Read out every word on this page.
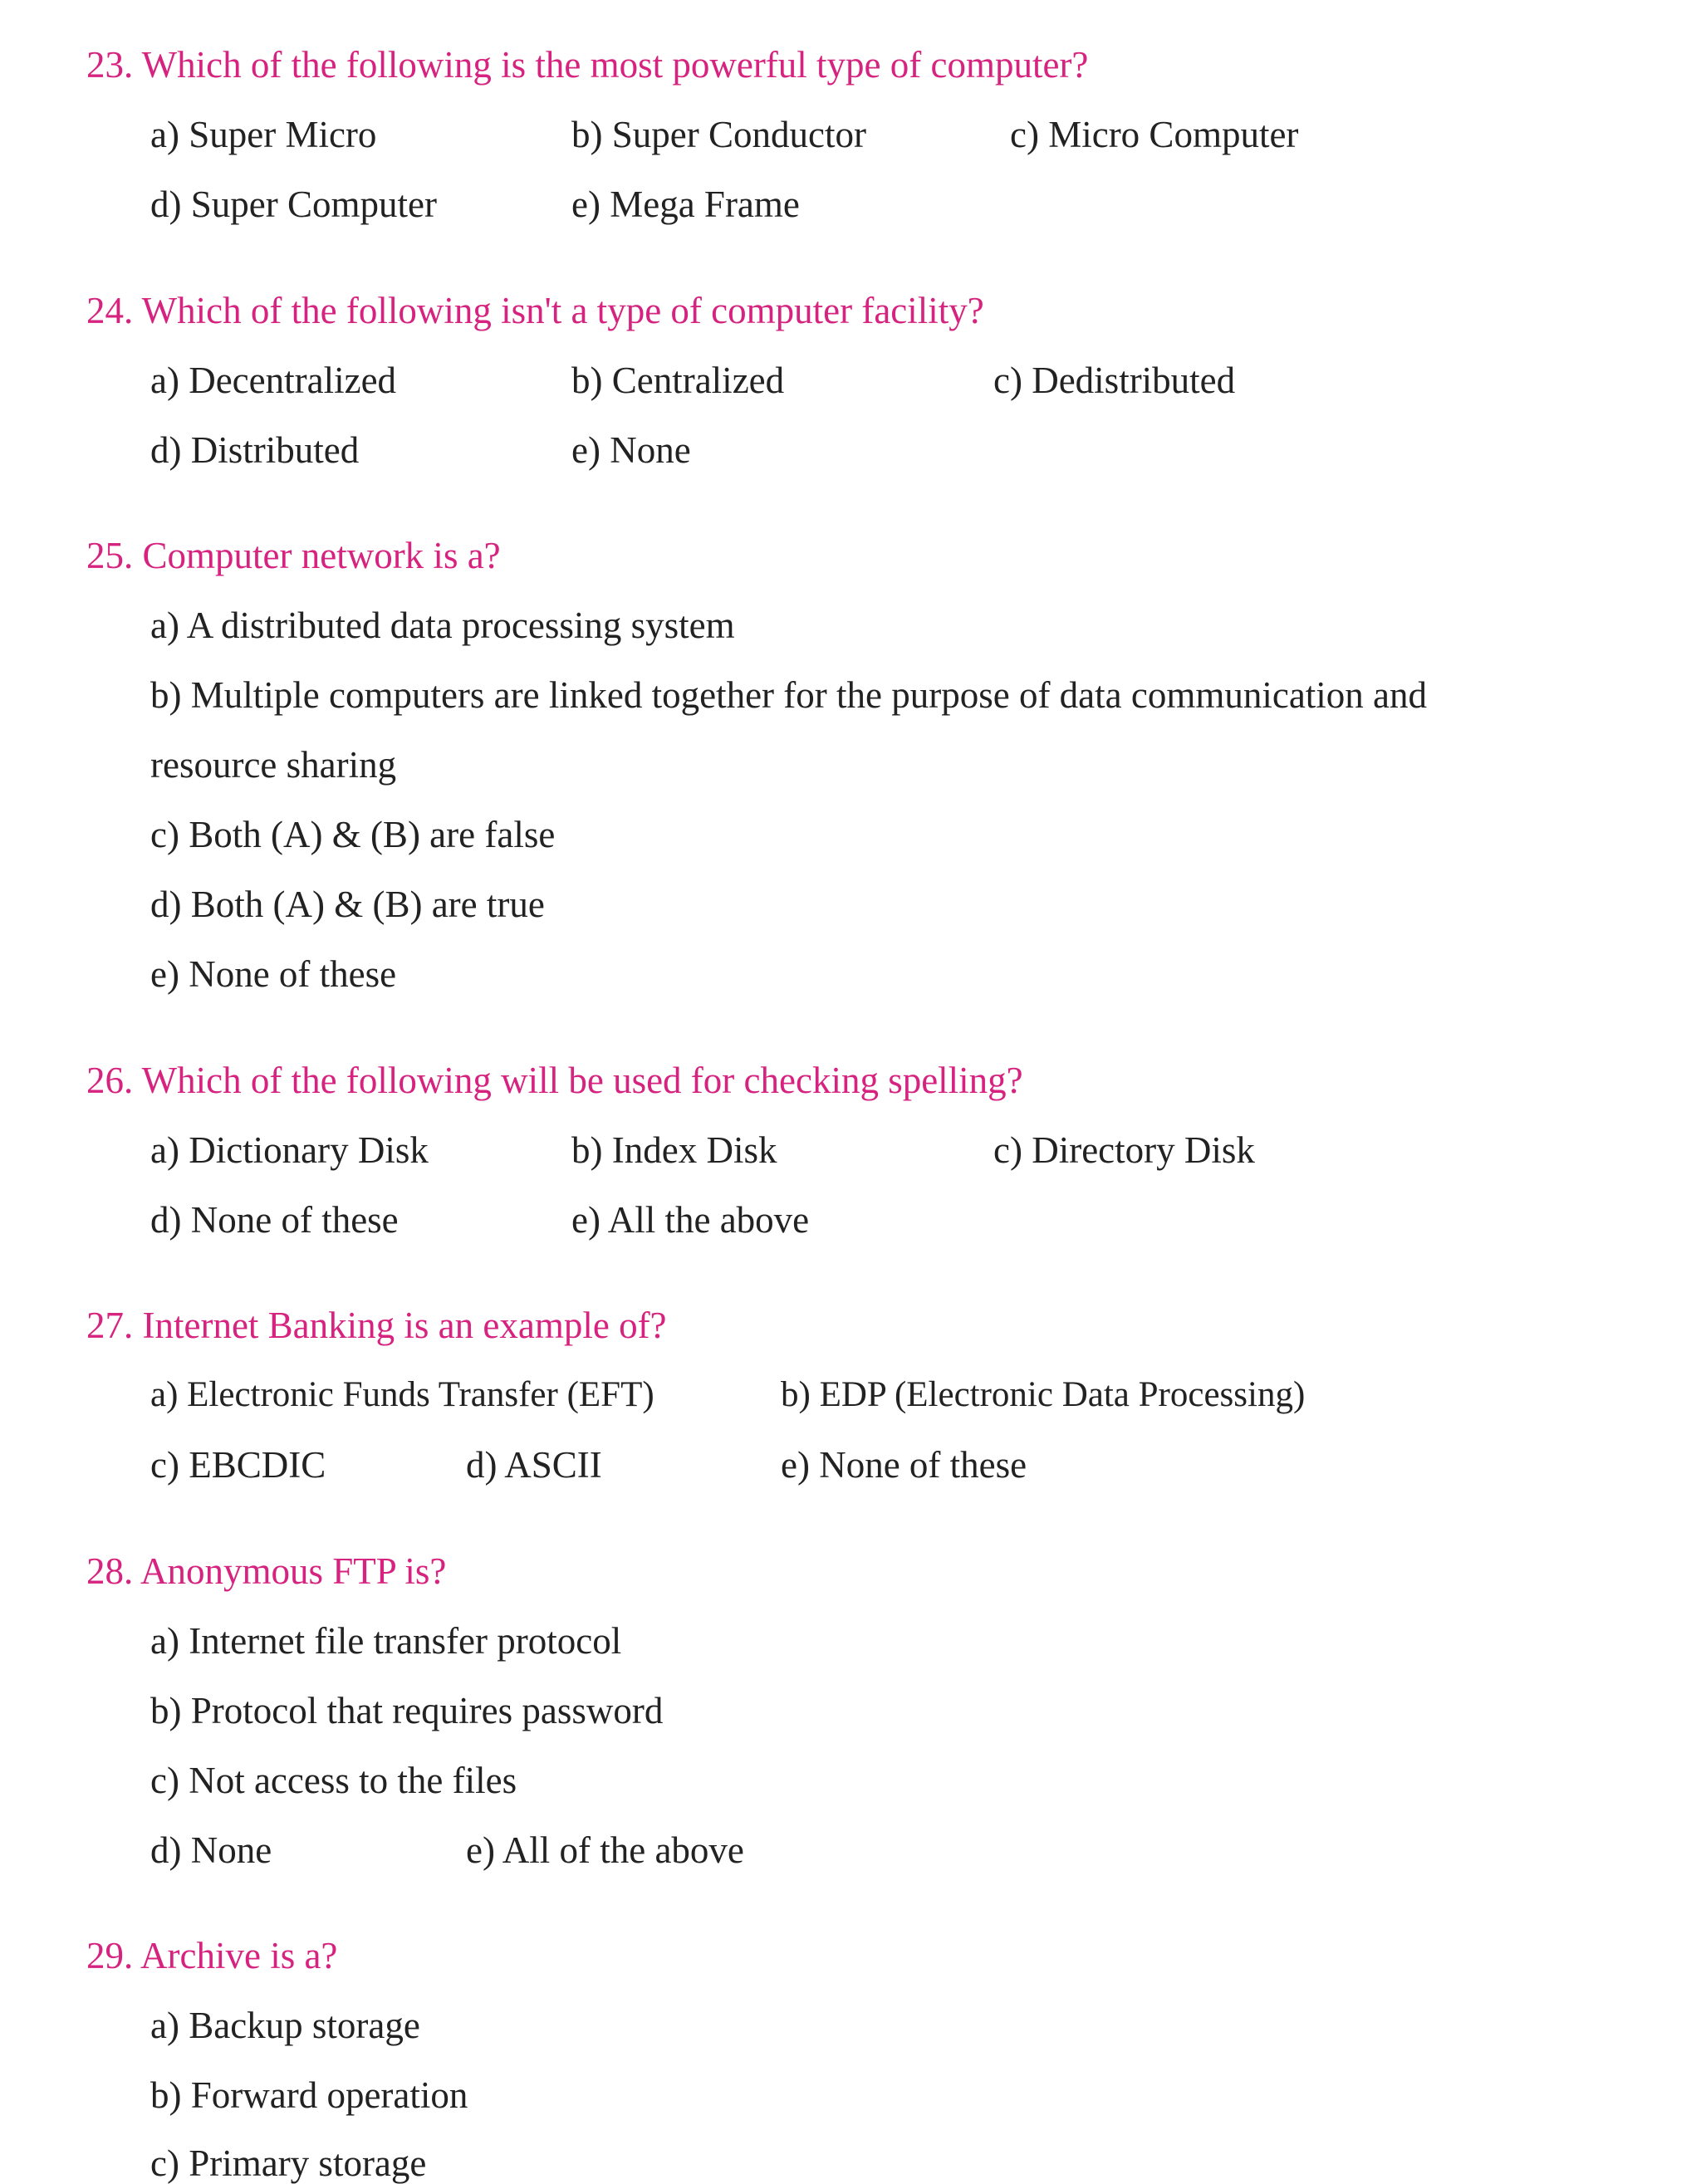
23. Which of the following is the most powerful type of computer?
a) Super Micro	b) Super Conductor	c) Micro Computer
d) Super Computer	e) Mega Frame
24. Which of the following isn't a type of computer facility?
a) Decentralized	b) Centralized	c) Dedistributed
d) Distributed	e) None
25. Computer network is a?
a) A distributed data processing system
b) Multiple computers are linked together for the purpose of data communication and
resource sharing
c) Both (A) & (B) are false
d) Both (A) & (B) are true
e) None of these
26. Which of the following will be used for checking spelling?
a) Dictionary Disk	b) Index Disk	c) Directory Disk
d) None of these	e) All the above
27. Internet Banking is an example of?
a) Electronic Funds Transfer (EFT)	b) EDP (Electronic Data Processing)
c) EBCDIC	d) ASCII	e) None of these
28. Anonymous FTP is?
a) Internet file transfer protocol
b) Protocol that requires password
c) Not access to the files
d) None	e) All of the above
29. Archive is a?
a) Backup storage
b) Forward operation
c) Primary storage
